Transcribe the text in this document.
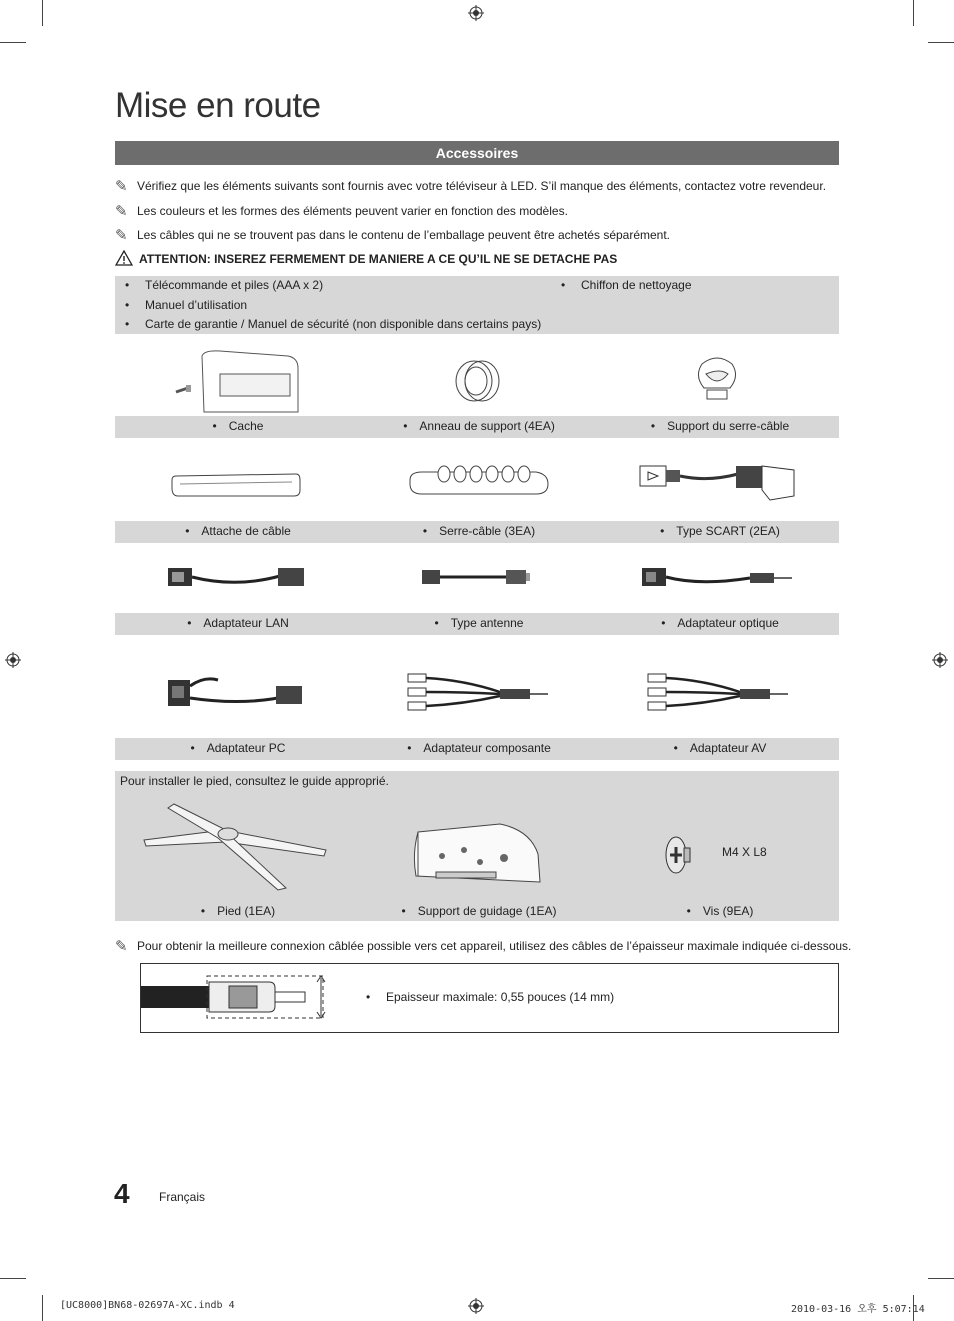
Mise en route
Accessoires
✎ Vérifiez que les éléments suivants sont fournis avec votre téléviseur à LED. S’il manque des éléments, contactez votre revendeur.
✎ Les couleurs et les formes des éléments peuvent varier en fonction des modèles.
✎ Les câbles qui ne se trouvent pas dans le contenu de l’emballage peuvent être achetés séparément.
ATTENTION: INSEREZ FERMEMENT DE MANIERE A CE QU’IL NE SE DETACHE PAS
• Télécommande et piles (AAA x 2)
• Manuel d’utilisation
• Carte de garantie / Manuel de sécurité (non disponible dans certains pays)
• Chiffon de nettoyage
• Cache	• Anneau de support (4EA)	• Support du serre-câble
• Attache de câble	• Serre-câble (3EA)	• Type SCART (2EA)
• Adaptateur LAN	• Type antenne	• Adaptateur optique
• Adaptateur PC	• Adaptateur composante	• Adaptateur AV
Pour installer le pied, consultez le guide approprié.
M4 X L8
• Pied (1EA)	• Support de guidage (1EA)	• Vis (9EA)
✎ Pour obtenir la meilleure connexion câblée possible vers cet appareil, utilisez des câbles de l’épaisseur maximale indiquée ci-dessous.
• Epaisseur maximale: 0,55 pouces (14 mm)
4 Français
[UC8000]BN68-02697A-XC.indb 4	2010-03-16 오후 5:07:14
